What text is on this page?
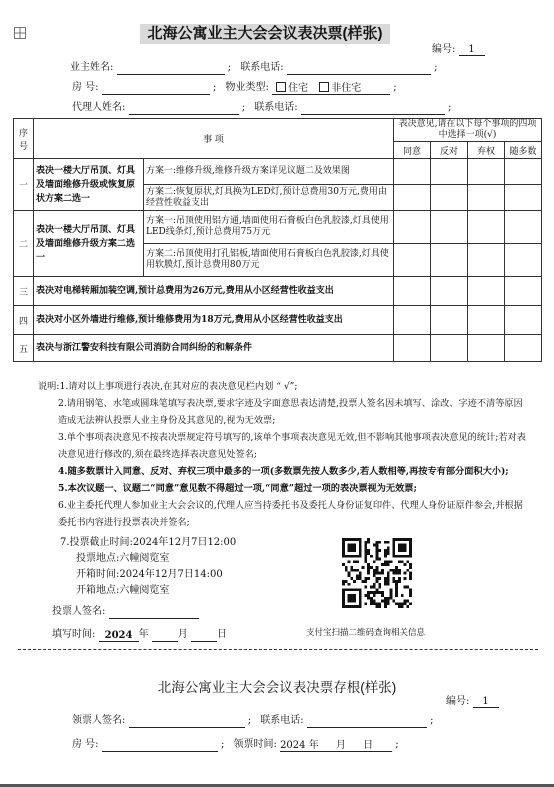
北海公寓业主大会会议表决票(样张)
编号: 1
业主姓名:	; 联系电话:	;
房 号:	; 物业类型: 住宅 非住宅	;
代理人姓名:	; 联系电话:	;
序号	事 项		表决意见,请在以下每个事项的四项中选择一项(√)			
			同意	反对	弃权	随多数
一	表决一楼大厅吊顶、灯具及墙面维修升级或恢复原状方案二选一	方案一:维修升级,维修升级方案详见议题二及效果图				
		方案二:恢复原状,灯具换为LED灯,预计总费用30万元,费用由经营性收益支出				
二	表决一楼大厅吊顶、灯具及墙面维修升级方案二选一	方案一:吊顶使用铝方通,墙面使用石膏板白色乳胶漆,灯具使用LED线条灯,预计总费用75万元				
		方案二:吊顶使用打孔铝板,墙面使用石膏板白色乳胶漆,灯具使用软膜灯,预计总费用80万元				
三	表决对电梯转厢加装空调,预计总费用为26万元,费用从小区经营性收益支出					
四	表决对小区外墙进行维修,预计维修费用为18万元,费用从小区经营性收益支出					
五	表决与浙江警安科技有限公司消防合同纠纷的和解条件					

说明:1.请对以上事项进行表决,在其对应的表决意见栏内划 “ √”;

2.请用钢笔、水笔或圆珠笔填写表决票,要求字迹及字面意思表达清楚,投票人签名因未填写、涂改、字迹不清等原因造成无法辨认投票人业主身份及其意见的,视为无效票;

3.单个事项表决意见不按表决票规定符号填写的,该单个事项表决意见无效,但不影响其他事项表决意见的统计;若对表决意见进行修改的,须在最终选择表决意见处签名;

4.随多数票计入同意、反对、弃权三项中最多的一项(多数票先按人数多少,若人数相等,再按专有部分面积大小);

5.本次议题一、议题二“同意”意见数不得超过一项,“同意”超过一项的表决票视为无效票;

6.业主委托代理人参加业主大会会议的,代理人应当持委托书及委托人身份证复印件、代理人身份证原件参会,并根据委托书内容进行投票表决并签名;

7.投票截止时间:2024年12月7日12:00
投票地点:六幢阅览室
开箱时间:2024年12月7日14:00
开箱地点:六幢阅览室
投票人签名:
填写时间: 2024 年	月	日	支付宝扫描二维码查询相关信息
北海公寓业主大会会议表决票存根(样张)
编号: 1
领票人签名:	; 联系电话:	;
房 号:	; 领票时间: 2024 年 月 日 ;
